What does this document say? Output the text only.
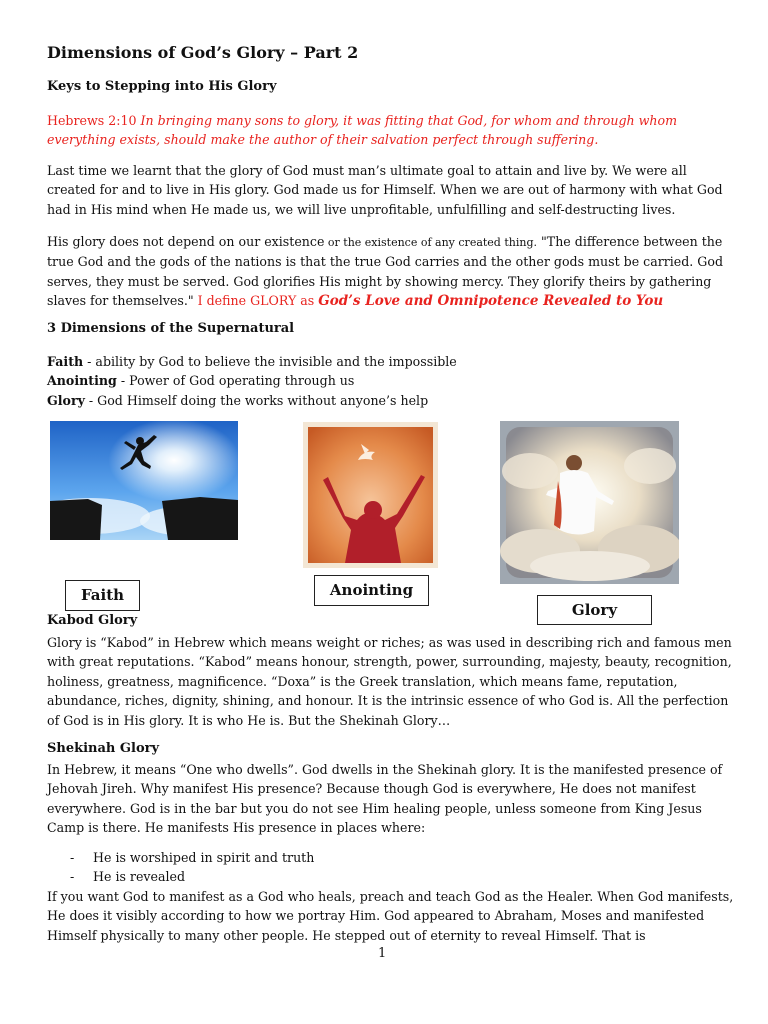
Dimensions of God’s Glory – Part 2
Keys to Stepping into His Glory

Hebrews 2:10 In bringing many sons to glory, it was fitting that God, for whom and through whom everything exists, should make the author of their salvation perfect through suffering.

Last time we learnt that the glory of God must man’s ultimate goal to attain and live by. We were all created for and to live in His glory. God made us for Himself. When we are out of harmony with what God had in His mind when He made us, we will live unprofitable, unfulfilling and self-destructing lives.

His glory does not depend on our existence or the existence of any created thing. "The difference between the true God and the gods of the nations is that the true God carries and the other gods must be carried. God serves, they must be served. God glorifies His might by showing mercy. They glorify theirs by gathering slaves for themselves." I define GLORY as God’s Love and Omnipotence Revealed to You

3 Dimensions of the Supernatural
Faith - ability by God to believe the invisible and the impossible
Anointing - Power of God operating through us
Glory - God Himself doing the works without anyone’s help
Faith	Anointing
Glory
Kabod Glory

Glory is “Kabod” in Hebrew which means weight or riches; as was used in describing rich and famous men with great reputations. “Kabod” means honour, strength, power, surrounding, majesty, beauty, recognition, holiness, greatness, magnificence. “Doxa” is the Greek translation, which means fame, reputation, abundance, riches, dignity, shining, and honour. It is the intrinsic essence of who God is. All the perfection of God is in His glory. It is who He is. But the Shekinah Glory…

Shekinah Glory

In Hebrew, it means “One who dwells”. God dwells in the Shekinah glory. It is the manifested presence of Jehovah Jireh. Why manifest His presence? Because though God is everywhere, He does not manifest everywhere. God is in the bar but you do not see Him healing people, unless someone from King Jesus Camp is there. He manifests His presence in places where:

-	He is worshiped in spirit and truth
-	He is revealed

If you want God to manifest as a God who heals, preach and teach God as the Healer. When God manifests, He does it visibly according to how we portray Him. God appeared to Abraham, Moses and manifested Himself physically to many other people. He stepped out of eternity to reveal Himself. That is

1
